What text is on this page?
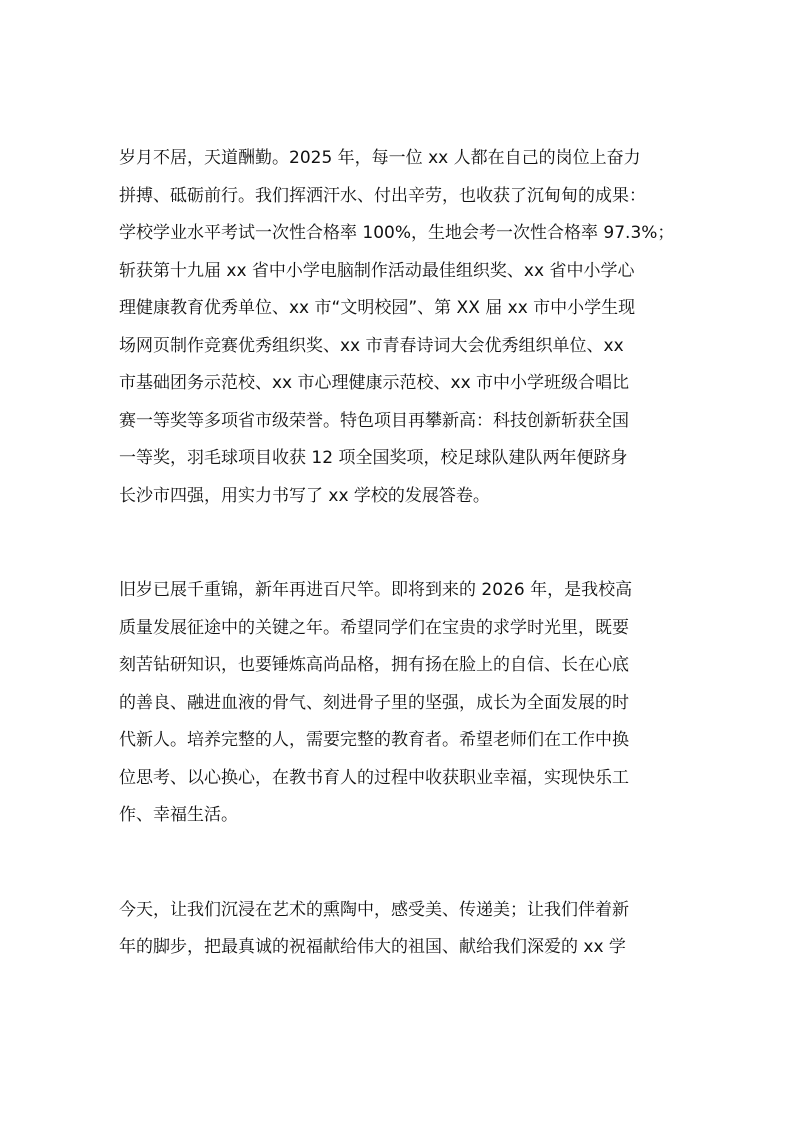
岁月不居，天道酬勤。2025 年，每一位 xx 人都在自己的岗位上奋力
拼搏、砥砺前行。我们挥洒汗水、付出辛劳，也收获了沉甸甸的成果：
学校学业水平考试一次性合格率 100%，生地会考一次性合格率 97.3%；
斩获第十九届 xx 省中小学电脑制作活动最佳组织奖、xx 省中小学心
理健康教育优秀单位、xx 市“文明校园”、第 XX 届 xx 市中小学生现
场网页制作竞赛优秀组织奖、xx 市青春诗词大会优秀组织单位、xx
市基础团务示范校、xx 市心理健康示范校、xx 市中小学班级合唱比
赛一等奖等多项省市级荣誉。特色项目再攀新高：科技创新斩获全国
一等奖，羽毛球项目收获 12 项全国奖项，校足球队建队两年便跻身
长沙市四强，用实力书写了 xx 学校的发展答卷。
旧岁已展千重锦，新年再进百尺竿。即将到来的 2026 年，是我校高
质量发展征途中的关键之年。希望同学们在宝贵的求学时光里，既要
刻苦钻研知识，也要锤炼高尚品格，拥有扬在脸上的自信、长在心底
的善良、融进血液的骨气、刻进骨子里的坚强，成长为全面发展的时
代新人。培养完整的人，需要完整的教育者。希望老师们在工作中换
位思考、以心换心，在教书育人的过程中收获职业幸福，实现快乐工
作、幸福生活。
今天，让我们沉浸在艺术的熏陶中，感受美、传递美；让我们伴着新
年的脚步，把最真诚的祝福献给伟大的祖国、献给我们深爱的 xx 学
